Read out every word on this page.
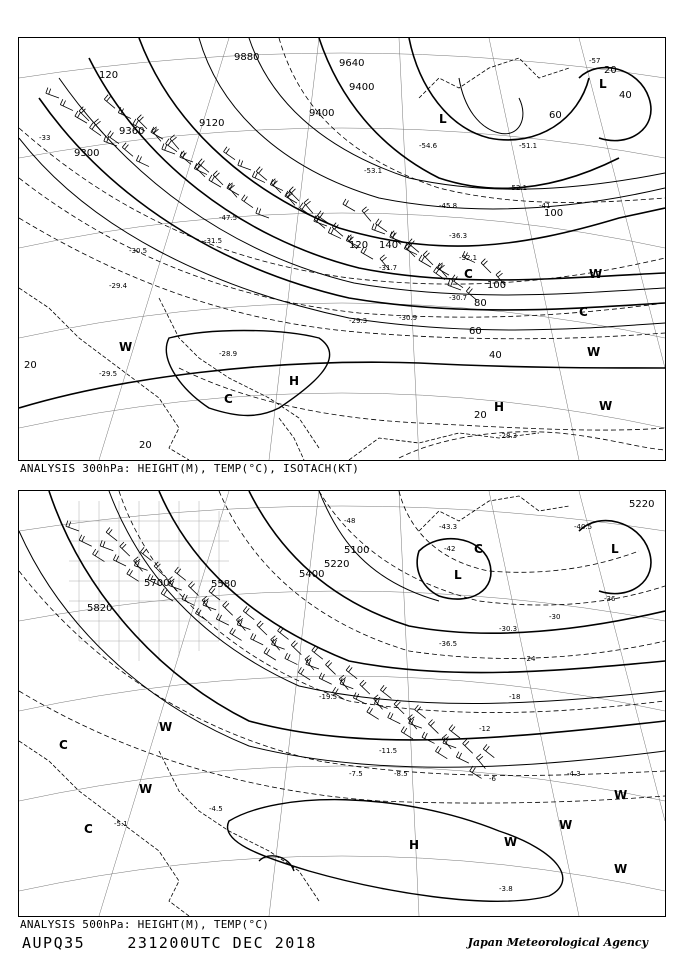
9120
9360
9300
9400
9400
9640
9880
20
40
60
80
100
120 140
20
40
60
100
120
20
20
-33
-30.5
-29.5
-31.5
-29.4
-47.5
-53.1
-54.6	-51.1
-45.8
-36.3
-32.1
-31.7
-30.9
-30.7
-29.3
-28.9
-28.3
-57
-52.1
-41
L
L
H
H
C
C
C
W	W
W
W
ANALYSIS 300hPa: HEIGHT(M), TEMP(°C), ISOTACH(KT)
5700
5820
5580
5400
5220
5100
5220
-48
-42
-36
-30
-24
-18
-12
-6
-43.3	-40.5
-36.5
-30.3
-19.5
-11.5
-7.5	-8.5
-4.5
-3.8
-5.1
-4.3
L
L
H
C
C
C
W
W	W
W
W
W
ANALYSIS 500hPa: HEIGHT(M), TEMP(°C)
AUPQ35	231200UTC DEC 2018	Japan Meteorological Agency
